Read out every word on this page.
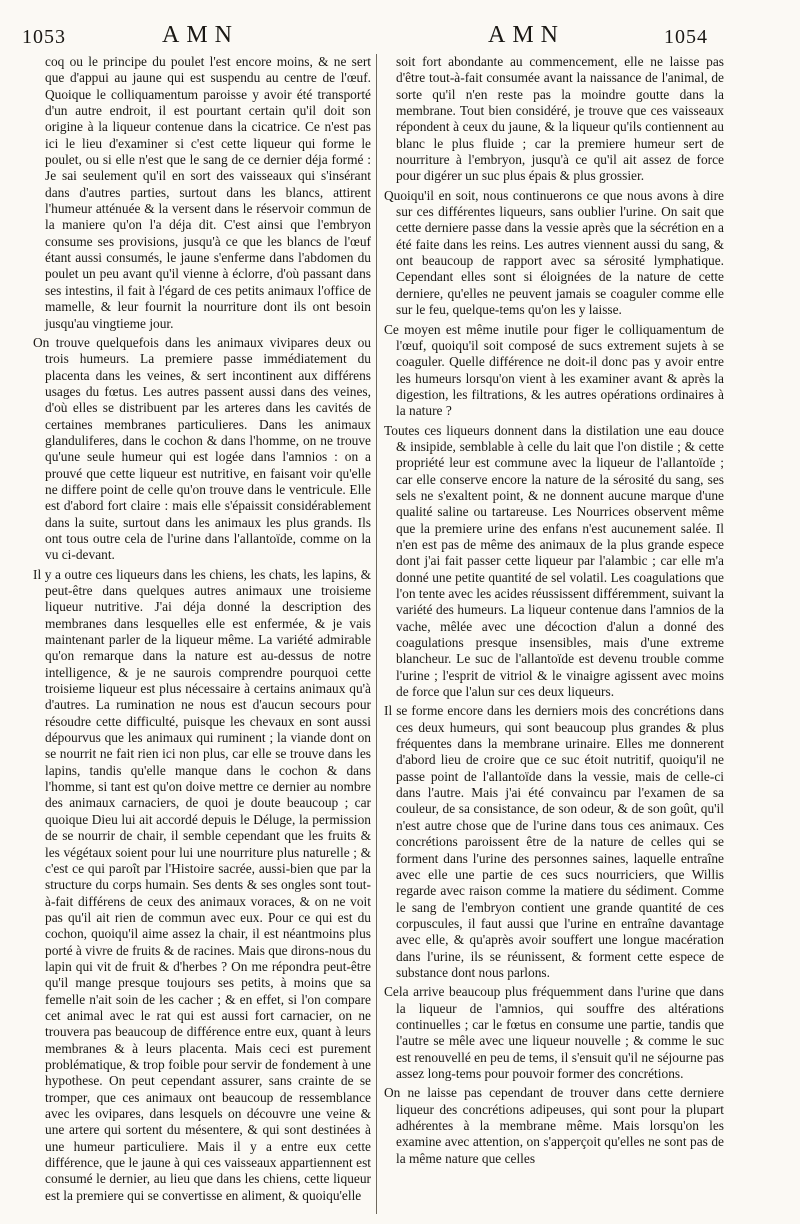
1053	AMN	AMN	1054

coq ou le principe du poulet l'est encore moins, & ne sert que d'appui au jaune qui est suspendu au centre de l'œuf. Quoique le colliquamentum paroisse y avoir été transporté d'un autre endroit, il est pourtant certain qu'il doit son origine à la liqueur contenue dans la cicatrice. Ce n'est pas ici le lieu d'examiner si c'est cette liqueur qui forme le poulet, ou si elle n'est que le sang de ce dernier déja formé : Je sai seulement qu'il en sort des vaisseaux qui s'insérant dans d'autres parties, surtout dans les blancs, attirent l'humeur atténuée & la versent dans le réservoir commun de la maniere qu'on l'a déja dit. C'est ainsi que l'embryon consume ses provisions, jusqu'à ce que les blancs de l'œuf étant aussi consumés, le jaune s'enferme dans l'abdomen du poulet un peu avant qu'il vienne à éclorre, d'où passant dans ses intestins, il fait à l'égard de ces petits animaux l'office de mamelle, & leur fournit la nourriture dont ils ont besoin jusqu'au vingtieme jour.

On trouve quelquefois dans les animaux vivipares deux ou trois humeurs. La premiere passe immédiatement du placenta dans les veines, & sert incontinent aux différens usages du fœtus. Les autres passent aussi dans des veines, d'où elles se distribuent par les arteres dans les cavités de certaines membranes particulieres. Dans les animaux glanduliferes, dans le cochon & dans l'homme, on ne trouve qu'une seule humeur qui est logée dans l'amnios : on a prouvé que cette liqueur est nutritive, en faisant voir qu'elle ne differe point de celle qu'on trouve dans le ventricule. Elle est d'abord fort claire : mais elle s'épaissit considérablement dans la suite, surtout dans les animaux les plus grands. Ils ont tous outre cela de l'urine dans l'allantoïde, comme on la vu ci-devant.

Il y a outre ces liqueurs dans les chiens, les chats, les lapins, & peut-être dans quelques autres animaux une troisieme liqueur nutritive. J'ai déja donné la description des membranes dans lesquelles elle est enfermée, & je vais maintenant parler de la liqueur même. La variété admirable qu'on remarque dans la nature est au-dessus de notre intelligence, & je ne saurois comprendre pourquoi cette troisieme liqueur est plus nécessaire à certains animaux qu'à d'autres. La rumination ne nous est d'aucun secours pour résoudre cette difficulté, puisque les chevaux en sont aussi dépourvus que les animaux qui ruminent ; la viande dont on se nourrit ne fait rien ici non plus, car elle se trouve dans les lapins, tandis qu'elle manque dans le cochon & dans l'homme, si tant est qu'on doive mettre ce dernier au nombre des animaux carnaciers, de quoi je doute beaucoup ; car quoique Dieu lui ait accordé depuis le Déluge, la permission de se nourrir de chair, il semble cependant que les fruits & les végétaux soient pour lui une nourriture plus naturelle ; & c'est ce qui paroît par l'Histoire sacrée, aussi-bien que par la structure du corps humain. Ses dents & ses ongles sont tout-à-fait différens de ceux des animaux voraces, & on ne voit pas qu'il ait rien de commun avec eux. Pour ce qui est du cochon, quoiqu'il aime assez la chair, il est néantmoins plus porté à vivre de fruits & de racines. Mais que dirons-nous du lapin qui vit de fruit & d'herbes ? On me répondra peut-être qu'il mange presque toujours ses petits, à moins que sa femelle n'ait soin de les cacher ; & en effet, si l'on compare cet animal avec le rat qui est aussi fort carnacier, on ne trouvera pas beaucoup de différence entre eux, quant à leurs membranes & à leurs placenta. Mais ceci est purement problématique, & trop foible pour servir de fondement à une hypothese. On peut cependant assurer, sans crainte de se tromper, que ces animaux ont beaucoup de ressemblance avec les ovipares, dans lesquels on découvre une veine & une artere qui sortent du mésentere, & qui sont destinées à une humeur particuliere. Mais il y a entre eux cette différence, que le jaune à qui ces vaisseaux appartiennent est consumé le dernier, au lieu que dans les chiens, cette liqueur est la premiere qui se convertisse en aliment, & quoiqu'elle

soit fort abondante au commencement, elle ne laisse pas d'être tout-à-fait consumée avant la naissance de l'animal, de sorte qu'il n'en reste pas la moindre goutte dans la membrane. Tout bien considéré, je trouve que ces vaisseaux répondent à ceux du jaune, & la liqueur qu'ils contiennent au blanc le plus fluide ; car la premiere humeur sert de nourriture à l'embryon, jusqu'à ce qu'il ait assez de force pour digérer un suc plus épais & plus grossier.

Quoiqu'il en soit, nous continuerons ce que nous avons à dire sur ces différentes liqueurs, sans oublier l'urine. On sait que cette derniere passe dans la vessie après que la sécrétion en a été faite dans les reins. Les autres viennent aussi du sang, & ont beaucoup de rapport avec sa sérosité lymphatique. Cependant elles sont si éloignées de la nature de cette derniere, qu'elles ne peuvent jamais se coaguler comme elle sur le feu, quelque-tems qu'on les y laisse.

Ce moyen est même inutile pour figer le colliquamentum de l'œuf, quoiqu'il soit composé de sucs extrement sujets à se coaguler. Quelle différence ne doit-il donc pas y avoir entre les humeurs lorsqu'on vient à les examiner avant & après la digestion, les filtrations, & les autres opérations ordinaires à la nature ?

Toutes ces liqueurs donnent dans la distilation une eau douce & insipide, semblable à celle du lait que l'on distile ; & cette propriété leur est commune avec la liqueur de l'allantoïde ; car elle conserve encore la nature de la sérosité du sang, ses sels ne s'exaltent point, & ne donnent aucune marque d'une qualité saline ou tartareuse. Les Nourrices observent même que la premiere urine des enfans n'est aucunement salée. Il n'en est pas de même des animaux de la plus grande espece dont j'ai fait passer cette liqueur par l'alambic ; car elle m'a donné une petite quantité de sel volatil. Les coagulations que l'on tente avec les acides réussissent différemment, suivant la variété des humeurs. La liqueur contenue dans l'amnios de la vache, mêlée avec une décoction d'alun a donné des coagulations presque insensibles, mais d'une extreme blancheur. Le suc de l'allantoïde est devenu trouble comme l'urine ; l'esprit de vitriol & le vinaigre agissent avec moins de force que l'alun sur ces deux liqueurs.

Il se forme encore dans les derniers mois des concrétions dans ces deux humeurs, qui sont beaucoup plus grandes & plus fréquentes dans la membrane urinaire. Elles me donnerent d'abord lieu de croire que ce suc étoit nutritif, quoiqu'il ne passe point de l'allantoïde dans la vessie, mais de celle-ci dans l'autre. Mais j'ai été convaincu par l'examen de sa couleur, de sa consistance, de son odeur, & de son goût, qu'il n'est autre chose que de l'urine dans tous ces animaux. Ces concrétions paroissent être de la nature de celles qui se forment dans l'urine des personnes saines, laquelle entraîne avec elle une partie de ces sucs nourriciers, que Willis regarde avec raison comme la matiere du sédiment. Comme le sang de l'embryon contient une grande quantité de ces corpuscules, il faut aussi que l'urine en entraîne davantage avec elle, & qu'après avoir souffert une longue macération dans l'urine, ils se réunissent, & forment cette espece de substance dont nous parlons.

Cela arrive beaucoup plus fréquemment dans l'urine que dans la liqueur de l'amnios, qui souffre des altérations continuelles ; car le fœtus en consume une partie, tandis que l'autre se mêle avec une liqueur nouvelle ; & comme le suc est renouvellé en peu de tems, il s'ensuit qu'il ne séjourne pas assez long-tems pour pouvoir former des concrétions.

On ne laisse pas cependant de trouver dans cette derniere liqueur des concrétions adipeuses, qui sont pour la plupart adhérentes à la membrane même. Mais lorsqu'on les examine avec attention, on s'apperçoit qu'elles ne sont pas de la même nature que celles
